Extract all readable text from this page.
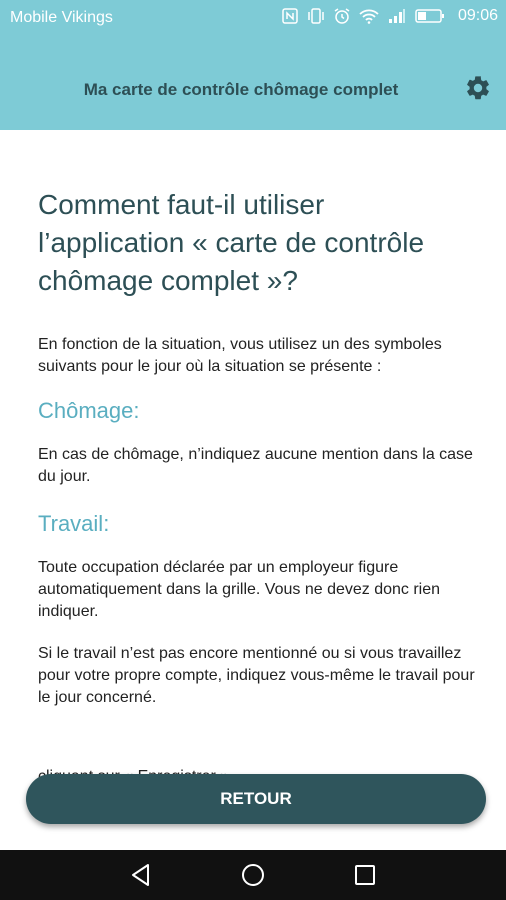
Mobile Vikings	09:06
Ma carte de contrôle chômage complet
Comment faut-il utiliser l’application « carte de contrôle chômage complet »?

En fonction de la situation, vous utilisez un des symboles suivants pour le jour où la situation se présente :

Chômage:

En cas de chômage, n’indiquez aucune mention dans la case du jour.

Travail:

Toute occupation déclarée par un employeur figure automatiquement dans la grille. Vous ne devez donc rien indiquer.

Si le travail n’est pas encore mentionné ou si vous travaillez pour votre propre compte, indiquez vous-même le travail pour le jour concerné.

RETOUR
